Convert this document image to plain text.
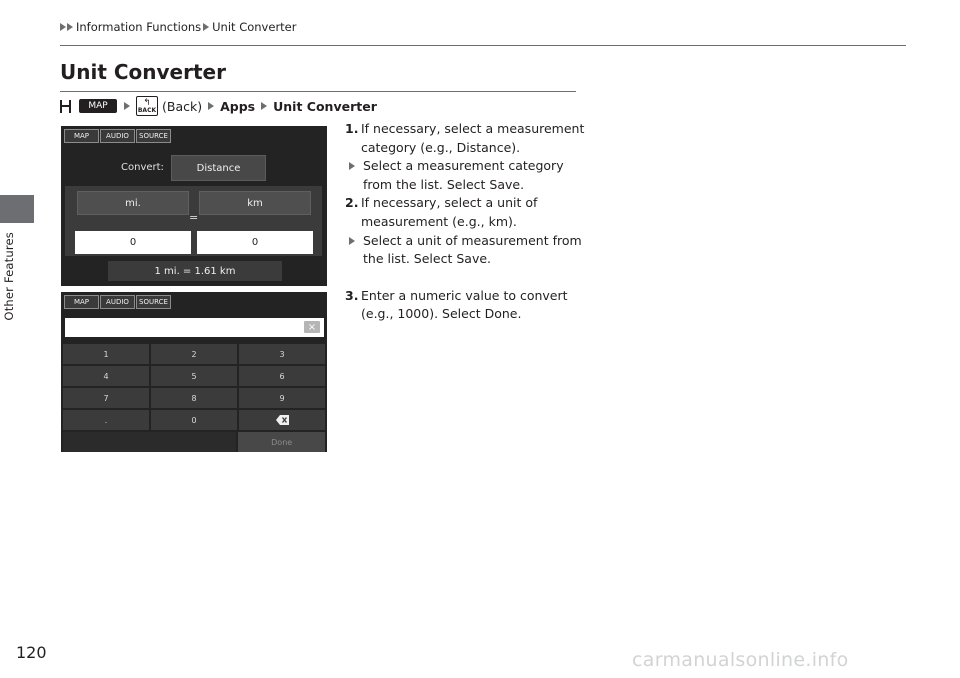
Other Features
Information Functions Unit Converter
Unit Converter
MAP	↰
BACK (Back) Apps Unit Converter
MAP	AUDIO	SOURCE
Convert:	Distance
mi.	km
=
0	0
1 mi. = 1.61 km
MAP	AUDIO	SOURCE
×
1	2	3
4	5	6
7	8	9
.	0
Done
1. If necessary, select a measurement category (e.g., Distance).
Select a measurement category from the list. Select Save.
2. If necessary, select a unit of measurement (e.g., km).
Select a unit of measurement from the list. Select Save.
3. Enter a numeric value to convert (e.g., 1000). Select Done.
120	carmanualsonline.info
